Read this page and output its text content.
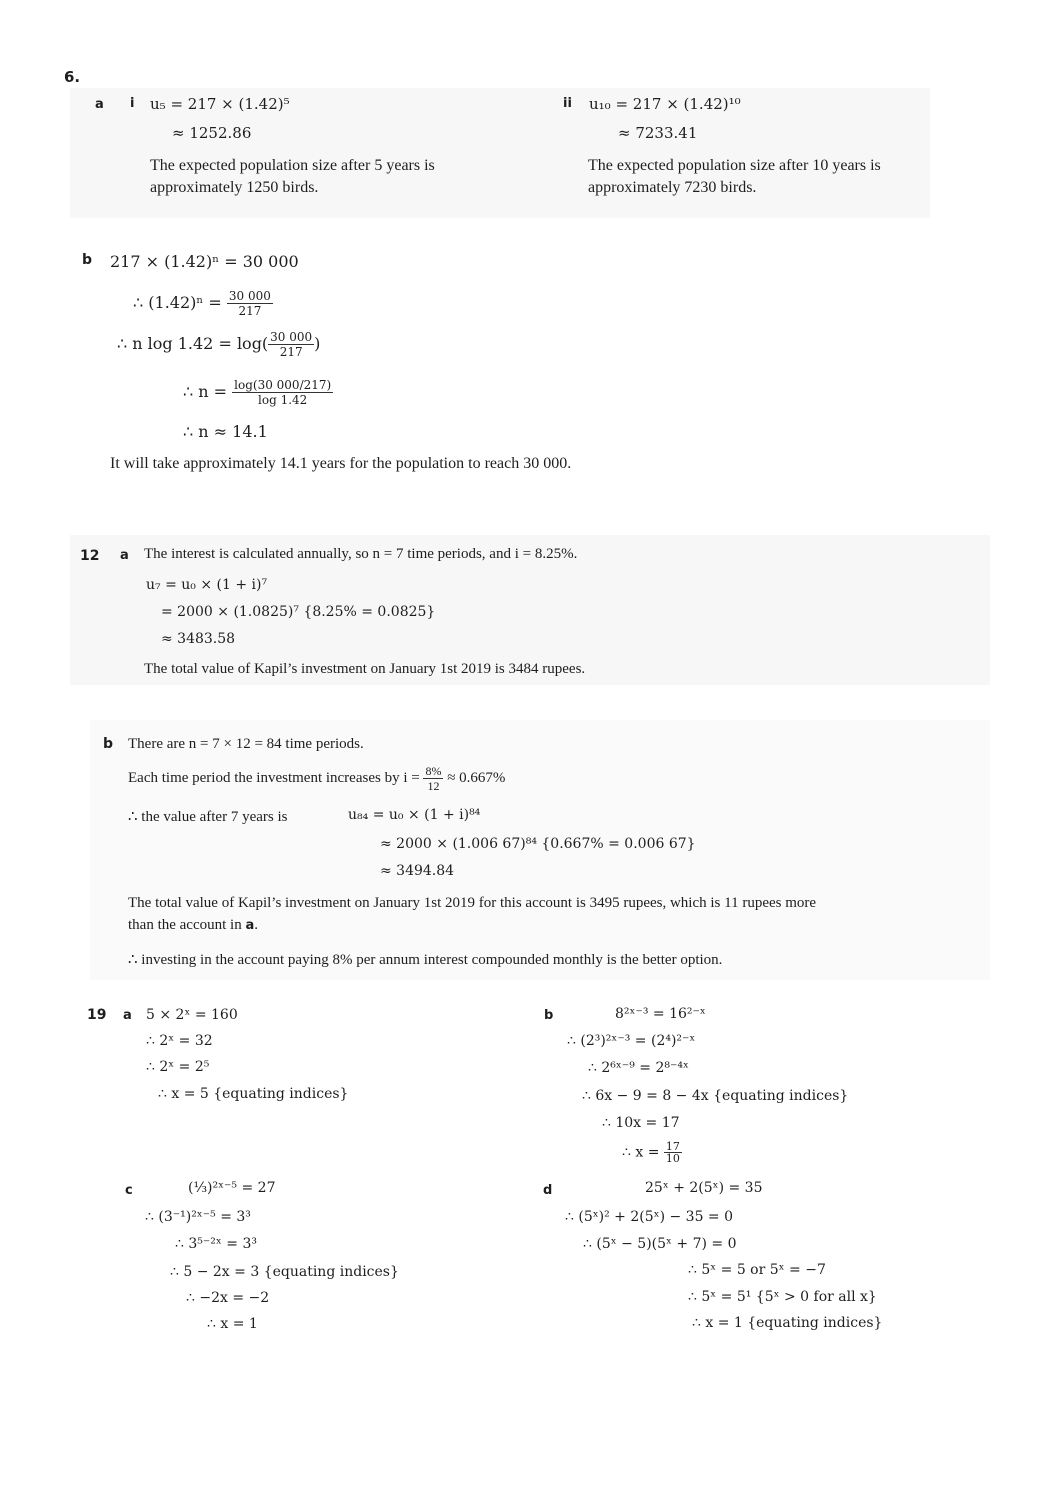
6.
a i u₅ = 217 × (1.42)⁵
≈ 1252.86
The expected population size after 5 years is
approximately 1250 birds.
ii u₁₀ = 217 × (1.42)¹⁰
≈ 7233.41
The expected population size after 10 years is
approximately 7230 birds.
b 217 × (1.42)ⁿ = 30 000
∴ $(1.42)^n = \frac{30 000}{217}$
∴ n $\log 1.42 = \log( \frac{30 000}{217}$ )
∴ $n = \frac{\log(30 000/217)}{\log 1.42}$
∴ n ≈ 14.1
It will take approximately 14.1 years for the population to reach 30 000.
12 a The interest is calculated annually, so n = 7 time periods, and i = 8.25%.
u₇ = u₀ × (1 + i)⁷
= 2000 × (1.0825)⁷ {8.25% = 0.0825}
≈ 3483.58
The total value of Kapil’s investment on January 1st 2019 is 3484 rupees.
b There are n = 7 × 12 = 84 time periods.
Each time period the investment increases by $i = \frac{8\%}{12} \approx 0.667\%$
∴ the value after 7 years is	u₈₄ = u₀ × (1 + i)⁸⁴
≈ 2000 × (1.006 67)⁸⁴ {0.667% = 0.006 67}
≈ 3494.84
The total value of Kapil’s investment on January 1st 2019 for this account is 3495 rupees, which is 11 rupees more
than the account in a.
∴ investing in the account paying 8% per annum interest compounded monthly is the better option.
19 a 5 × 2ˣ = 160
∴ 2ˣ = 32
∴ 2ˣ = 2⁵
∴ x = 5 {equating indices}
b	8²ˣ⁻³ = 16²⁻ˣ
∴ (2³)²ˣ⁻³ = (2⁴)²⁻ˣ
∴ 2⁶ˣ⁻⁹ = 2⁸⁻⁴ˣ
∴ 6x − 9 = 8 − 4x {equating indices}
∴ 10x = 17
∴ $x = \frac{17}{10}$
c	(⅓)²ˣ⁻⁵ = 27
∴ (3⁻¹)²ˣ⁻⁵ = 3³
∴ 3⁵⁻²ˣ = 3³
∴ 5 − 2x = 3 {equating indices}
∴ −2x = −2
∴ x = 1
d	25ˣ + 2(5ˣ) = 35
∴ (5ˣ)² + 2(5ˣ) − 35 = 0
∴ (5ˣ − 5)(5ˣ + 7) = 0
∴ 5ˣ = 5 or 5ˣ = −7
∴ 5ˣ = 5¹ {5ˣ > 0 for all x}
∴ x = 1 {equating indices}
